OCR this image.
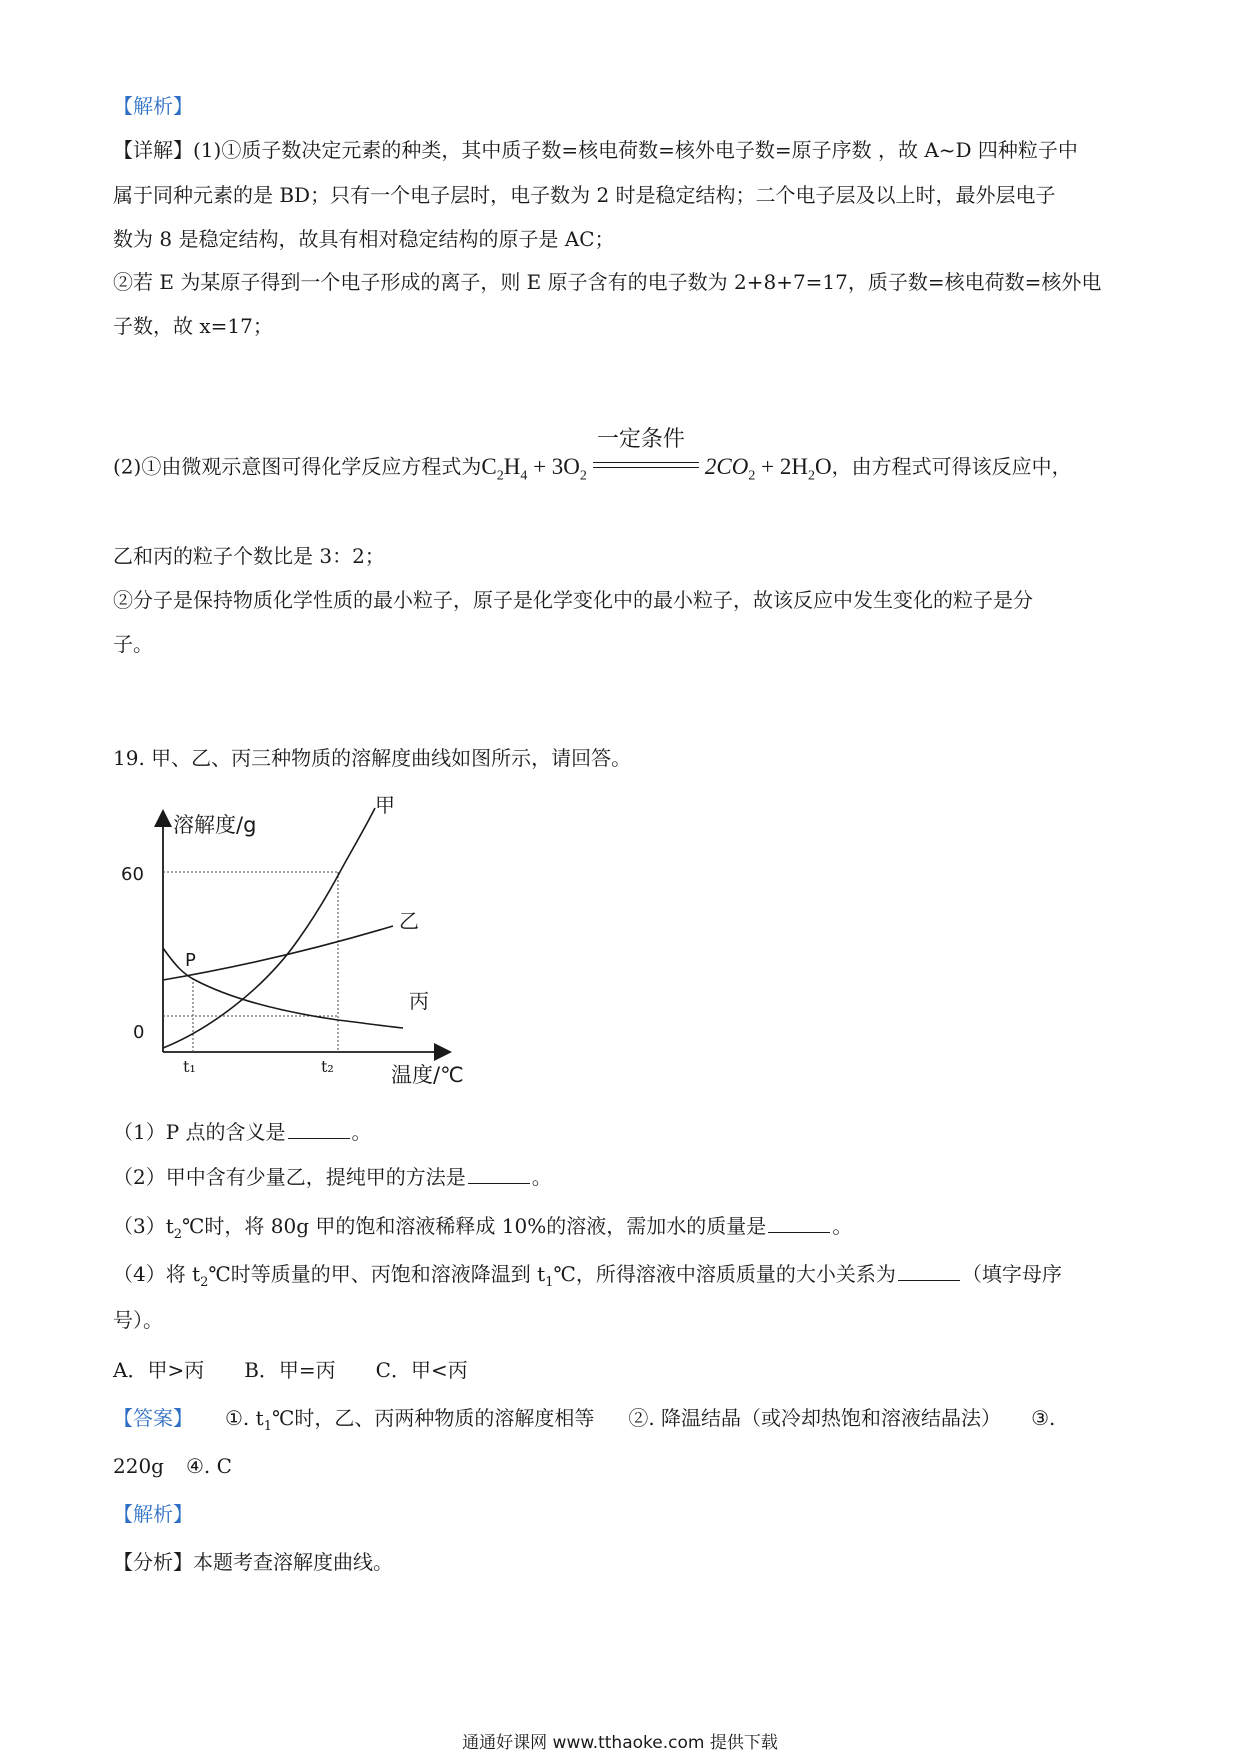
【解析】
【详解】(1)①质子数决定元素的种类，其中质子数=核电荷数=核外电子数=原子序数 ，故 A~D 四种粒子中
属于同种元素的是 BD；只有一个电子层时，电子数为 2 时是稳定结构；二个电子层及以上时，最外层电子
数为 8 是稳定结构，故具有相对稳定结构的原子是 AC；
②若 E 为某原子得到一个电子形成的离子，则 E 原子含有的电子数为 2+8+7=17，质子数=核电荷数=核外电
子数，故 x=17；
(2)①由微观示意图可得化学反应方程式为$C_2H_4 + 3O_2$
一定条件
$2CO_2 + 2H_2O$，由方程式可得该反应中，
乙和丙的粒子个数比是 3：2；
②分子是保持物质化学性质的最小粒子，原子是化学变化中的最小粒子，故该反应中发生变化的粒子是分
子。
19. 甲、乙、丙三种物质的溶解度曲线如图所示，请回答。
溶解度/g
温度/℃
60
0
t₁	t₂
P
甲
乙
丙
（1）P 点的含义是	。
（2）甲中含有少量乙，提纯甲的方法是	。
$(3)t_2℃$时，将 80g 甲的饱和溶液稀释成 10%的溶液，需加水的质量是	。
（4）将 $t_2℃$时等质量的甲、丙饱和溶液降温到 $t_1℃$，所得溶液中溶质质量的大小关系为	（填字母序
号）。
A．甲>丙 B．甲=丙 C．甲<丙
【答案】 ①. $t_1℃$时，乙、丙两种物质的溶解度相等 ②. 降温结晶（或冷却热饱和溶液结晶法） ③.
220g ④. C
【解析】
【分析】本题考查溶解度曲线。
通通好课网 www.tthaoke.com 提供下载
